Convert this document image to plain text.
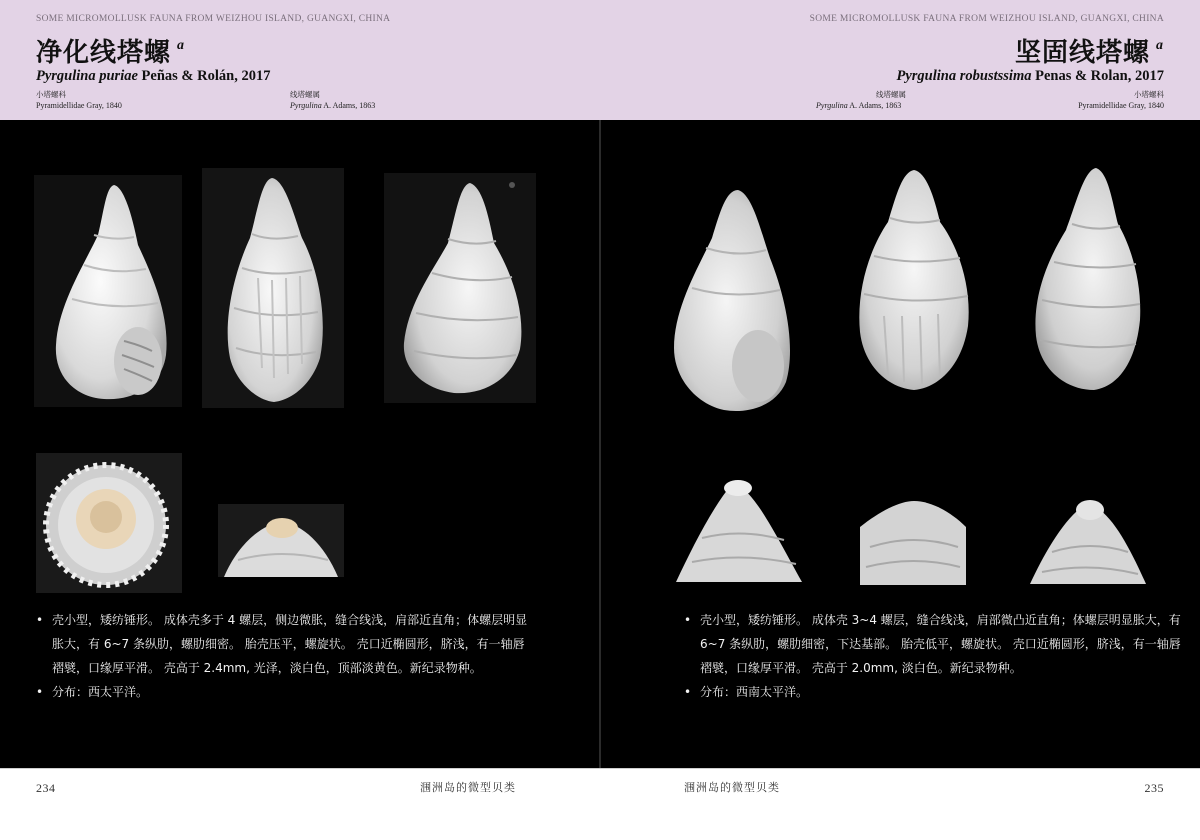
SOME MICROMOLLUSK FAUNA FROM WEIZHOU ISLAND, GUANGXI, CHINA
净化线塔螺 $^a$
Pyrgulina puriae Peñas & Rolán, 2017
小塔螺科
Pyramidellidae Gray, 1840
线塔螺属
Pyrgulina A. Adams, 1863
• 壳小型，矮纺锤形。 成体壳多于 4 螺层，侧边微胀，缝合线浅，肩部近直角；体螺层明显胀大，有 6~7 条纵肋，螺肋细密。 胎壳压平，螺旋状。 壳口近椭圆形，脐浅，有一轴唇褶襞，口缘厚平滑。 壳高于 2.4mm, 光泽，淡白色，顶部淡黄色。新纪录物种。
• 分布：西太平洋。
234	涠洲岛的微型贝类
SOME MICROMOLLUSK FAUNA FROM WEIZHOU ISLAND, GUANGXI, CHINA
坚固线塔螺 $^a$
Pyrgulina robustssima Penas & Rolan, 2017
线塔螺属
Pyrgulina A. Adams, 1863
小塔螺科
Pyramidellidae Gray, 1840
• 壳小型，矮纺锤形。 成体壳 3~4 螺层，缝合线浅，肩部微凸近直角；体螺层明显胀大，有 6~7 条纵肋，螺肋细密，下达基部。 胎壳低平，螺旋状。 壳口近椭圆形，脐浅，有一轴唇褶襞，口缘厚平滑。 壳高于 2.0mm, 淡白色。新纪录物种。
• 分布：西南太平洋。
涠洲岛的微型贝类	235
